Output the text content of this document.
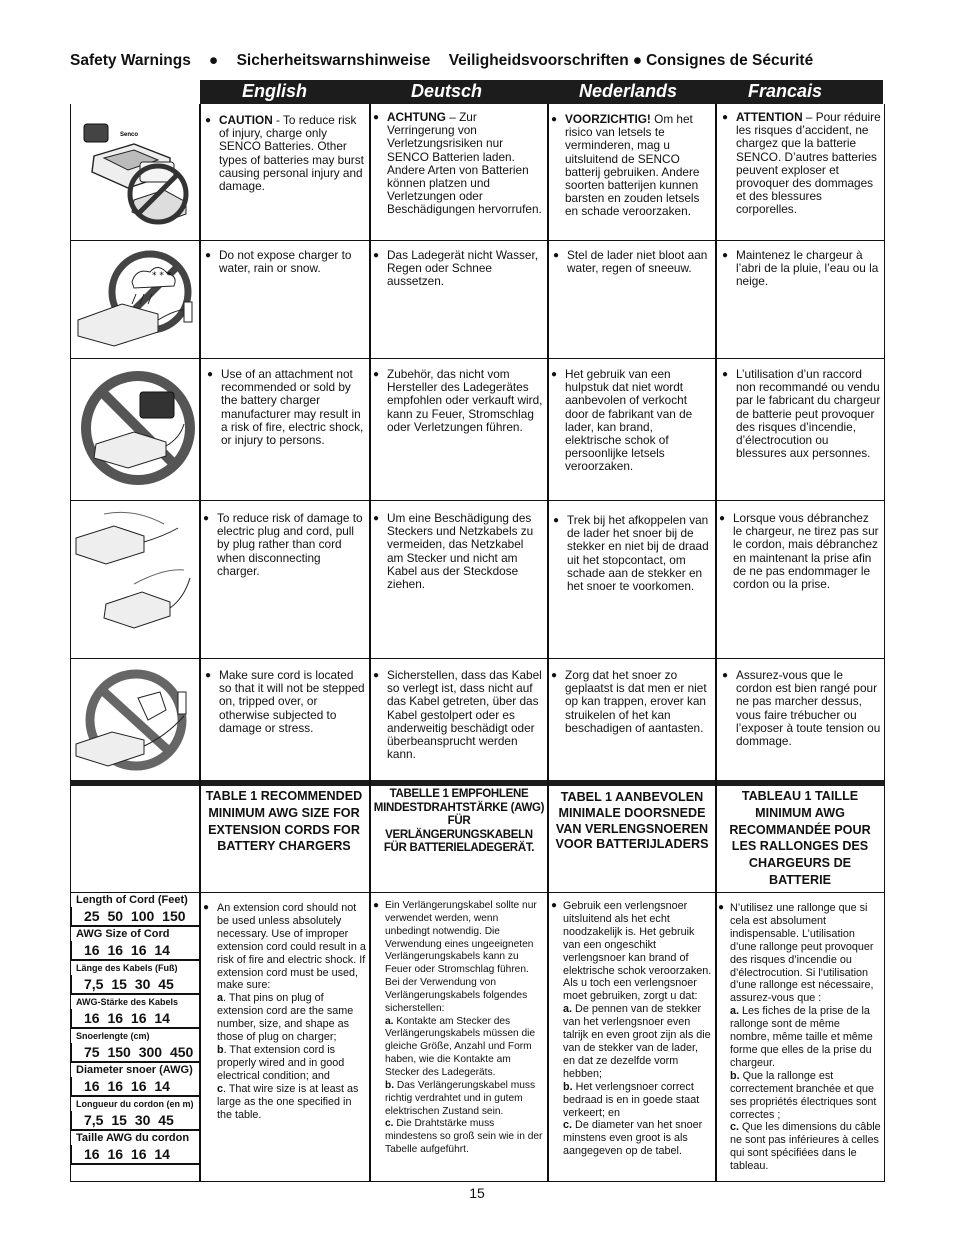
Safety Warnings ● Sicherheitswarnshinweise Veiligheidsvoorschriften ● Consignes de Sécurité
English	Deutsch	Nederlands	Francais
Senco
* * *
● CAUTION - To reduce risk of injury, charge only SENCO Batteries. Other types of batteries may burst causing personal injury and damage.
● ACHTUNG – Zur Verringerung von Verletzungsrisiken nur SENCO Batterien laden. Andere Arten von Batterien können platzen und Verletzungen oder Beschädigungen hervorrufen.
● VOORZICHTIG! Om het risico van letsels te verminderen, mag u uitsluitend de SENCO batterij gebruiken. Andere soorten batterijen kunnen barsten en zouden letsels en schade veroorzaken.
● ATTENTION – Pour réduire les risques d’accident, ne chargez que la batterie SENCO. D’autres batteries peuvent exploser et provoquer des dommages et des blessures corporelles.
● Do not expose charger to water, rain or snow.
● Das Ladegerät nicht Wasser, Regen oder Schnee aussetzen.
● Stel de lader niet bloot aan water, regen of sneeuw.
● Maintenez le chargeur à l’abri de la pluie, l’eau ou la neige.
● Use of an attachment not recommended or sold by the battery charger manufacturer may result in a risk of fire, electric shock, or injury to persons.
● Zubehör, das nicht vom Hersteller des Ladegerätes empfohlen oder verkauft wird, kann zu Feuer, Stromschlag oder Verletzungen führen.
● Het gebruik van een hulpstuk dat niet wordt aanbevolen of verkocht door de fabrikant van de lader, kan brand, elektrische schok of persoonlijke letsels veroorzaken.
● L’utilisation d’un raccord non recommandé ou vendu par le fabricant du chargeur de batterie peut provoquer des risques d’incendie, d’électrocution ou blessures aux personnes.
● To reduce risk of damage to electric plug and cord, pull by plug rather than cord when disconnecting charger.
● Um eine Beschädigung des Steckers und Netzkabels zu vermeiden, das Netzkabel am Stecker und nicht am Kabel aus der Steckdose ziehen.
● Trek bij het afkoppelen van de lader het snoer bij de stekker en niet bij de draad uit het stopcontact, om schade aan de stekker en het snoer te voorkomen.
● Lorsque vous débranchez le chargeur, ne tirez pas sur le cordon, mais débranchez en maintenant la prise afin de ne pas endommager le cordon ou la prise.
● Make sure cord is located so that it will not be stepped on, tripped over, or otherwise subjected to damage or stress.
● Sicherstellen, dass das Kabel so verlegt ist, dass nicht auf das Kabel getreten, über das Kabel gestolpert oder es anderweitig beschädigt oder überbeansprucht werden kann.
● Zorg dat het snoer zo geplaatst is dat men er niet op kan trappen, erover kan struikelen of het kan beschadigen of aantasten.
● Assurez-vous que le cordon est bien rangé pour ne pas marcher dessus, vous faire trébucher ou l’exposer à toute tension ou dommage.
TABLE 1 RECOMMENDED MINIMUM AWG SIZE FOR EXTENSION CORDS FOR BATTERY CHARGERS
TABELLE 1 EMPFOHLENE MINDESTDRAHTSTÄRKE (AWG) FÜR VERLÄNGERUNGSKABELN FÜR BATTERIELADEGERÄT.
TABEL 1 AANBEVOLEN MINIMALE DOORSNEDE VAN VERLENGSNOEREN VOOR BATTERIJLADERS
TABLEAU 1 TAILLE MINIMUM AWG RECOMMANDÉE POUR LES RALLONGES DES CHARGEURS DE BATTERIE
Length of Cord (Feet)
25 50 100 150
AWG Size of Cord
16 16 16 14
Länge des Kabels (Fuß)
7,5 15 30 45
AWG-Stärke des Kabels
16 16 16 14
Snoerlengte (cm)
75 150 300 450
Diameter snoer (AWG)
16 16 16 14
Longueur du cordon (en m)
7,5 15 30 45
Taille AWG du cordon
16 16 16 14
● An extension cord should not be used unless absolutely necessary. Use of improper extension cord could result in a risk of fire and electric shock. If extension cord must be used, make sure:
a. That pins on plug of extension cord are the same number, size, and shape as those of plug on charger;
b. That extension cord is properly wired and in good electrical condition; and
c. That wire size is at least as large as the one specified in the table.
● Ein Verlängerungskabel sollte nur verwendet werden, wenn unbedingt notwendig. Die Verwendung eines ungeeigneten Verlängerungskabels kann zu Feuer oder Stromschlag führen. Bei der Verwendung von Verlängerungskabels folgendes sicherstellen:
a. Kontakte am Stecker des Verlängerungskabels müssen die gleiche Größe, Anzahl und Form haben, wie die Kontakte am Stecker des Ladegeräts.
b. Das Verlängerungskabel muss richtig verdrahtet und in gutem elektrischen Zustand sein.
c. Die Drahtstärke muss mindestens so groß sein wie in der Tabelle aufgeführt.
● Gebruik een verlengsnoer uitsluitend als het echt noodzakelijk is. Het gebruik van een ongeschikt verlengsnoer kan brand of elektrische schok veroorzaken. Als u toch een verlengsnoer moet gebruiken, zorgt u dat:
a. De pennen van de stekker van het verlengsnoer even talrijk en even groot zijn als die van de stekker van de lader, en dat ze dezelfde vorm hebben;
b. Het verlengsnoer correct bedraad is en in goede staat verkeert; en
c. De diameter van het snoer minstens even groot is als aangegeven op de tabel.
● N’utilisez une rallonge que si cela est absolument indispensable. L’utilisation d’une rallonge peut provoquer des risques d’incendie ou d’électrocution. Si l’utilisation d’une rallonge est nécessaire, assurez-vous que :
a. Les fiches de la prise de la rallonge sont de même nombre, même taille et même forme que elles de la prise du chargeur.
b. Que la rallonge est correctement branchée et que ses propriétés électriques sont correctes ;
c. Que les dimensions du câble ne sont pas inférieures à celles qui sont spécifiées dans le tableau.
15
